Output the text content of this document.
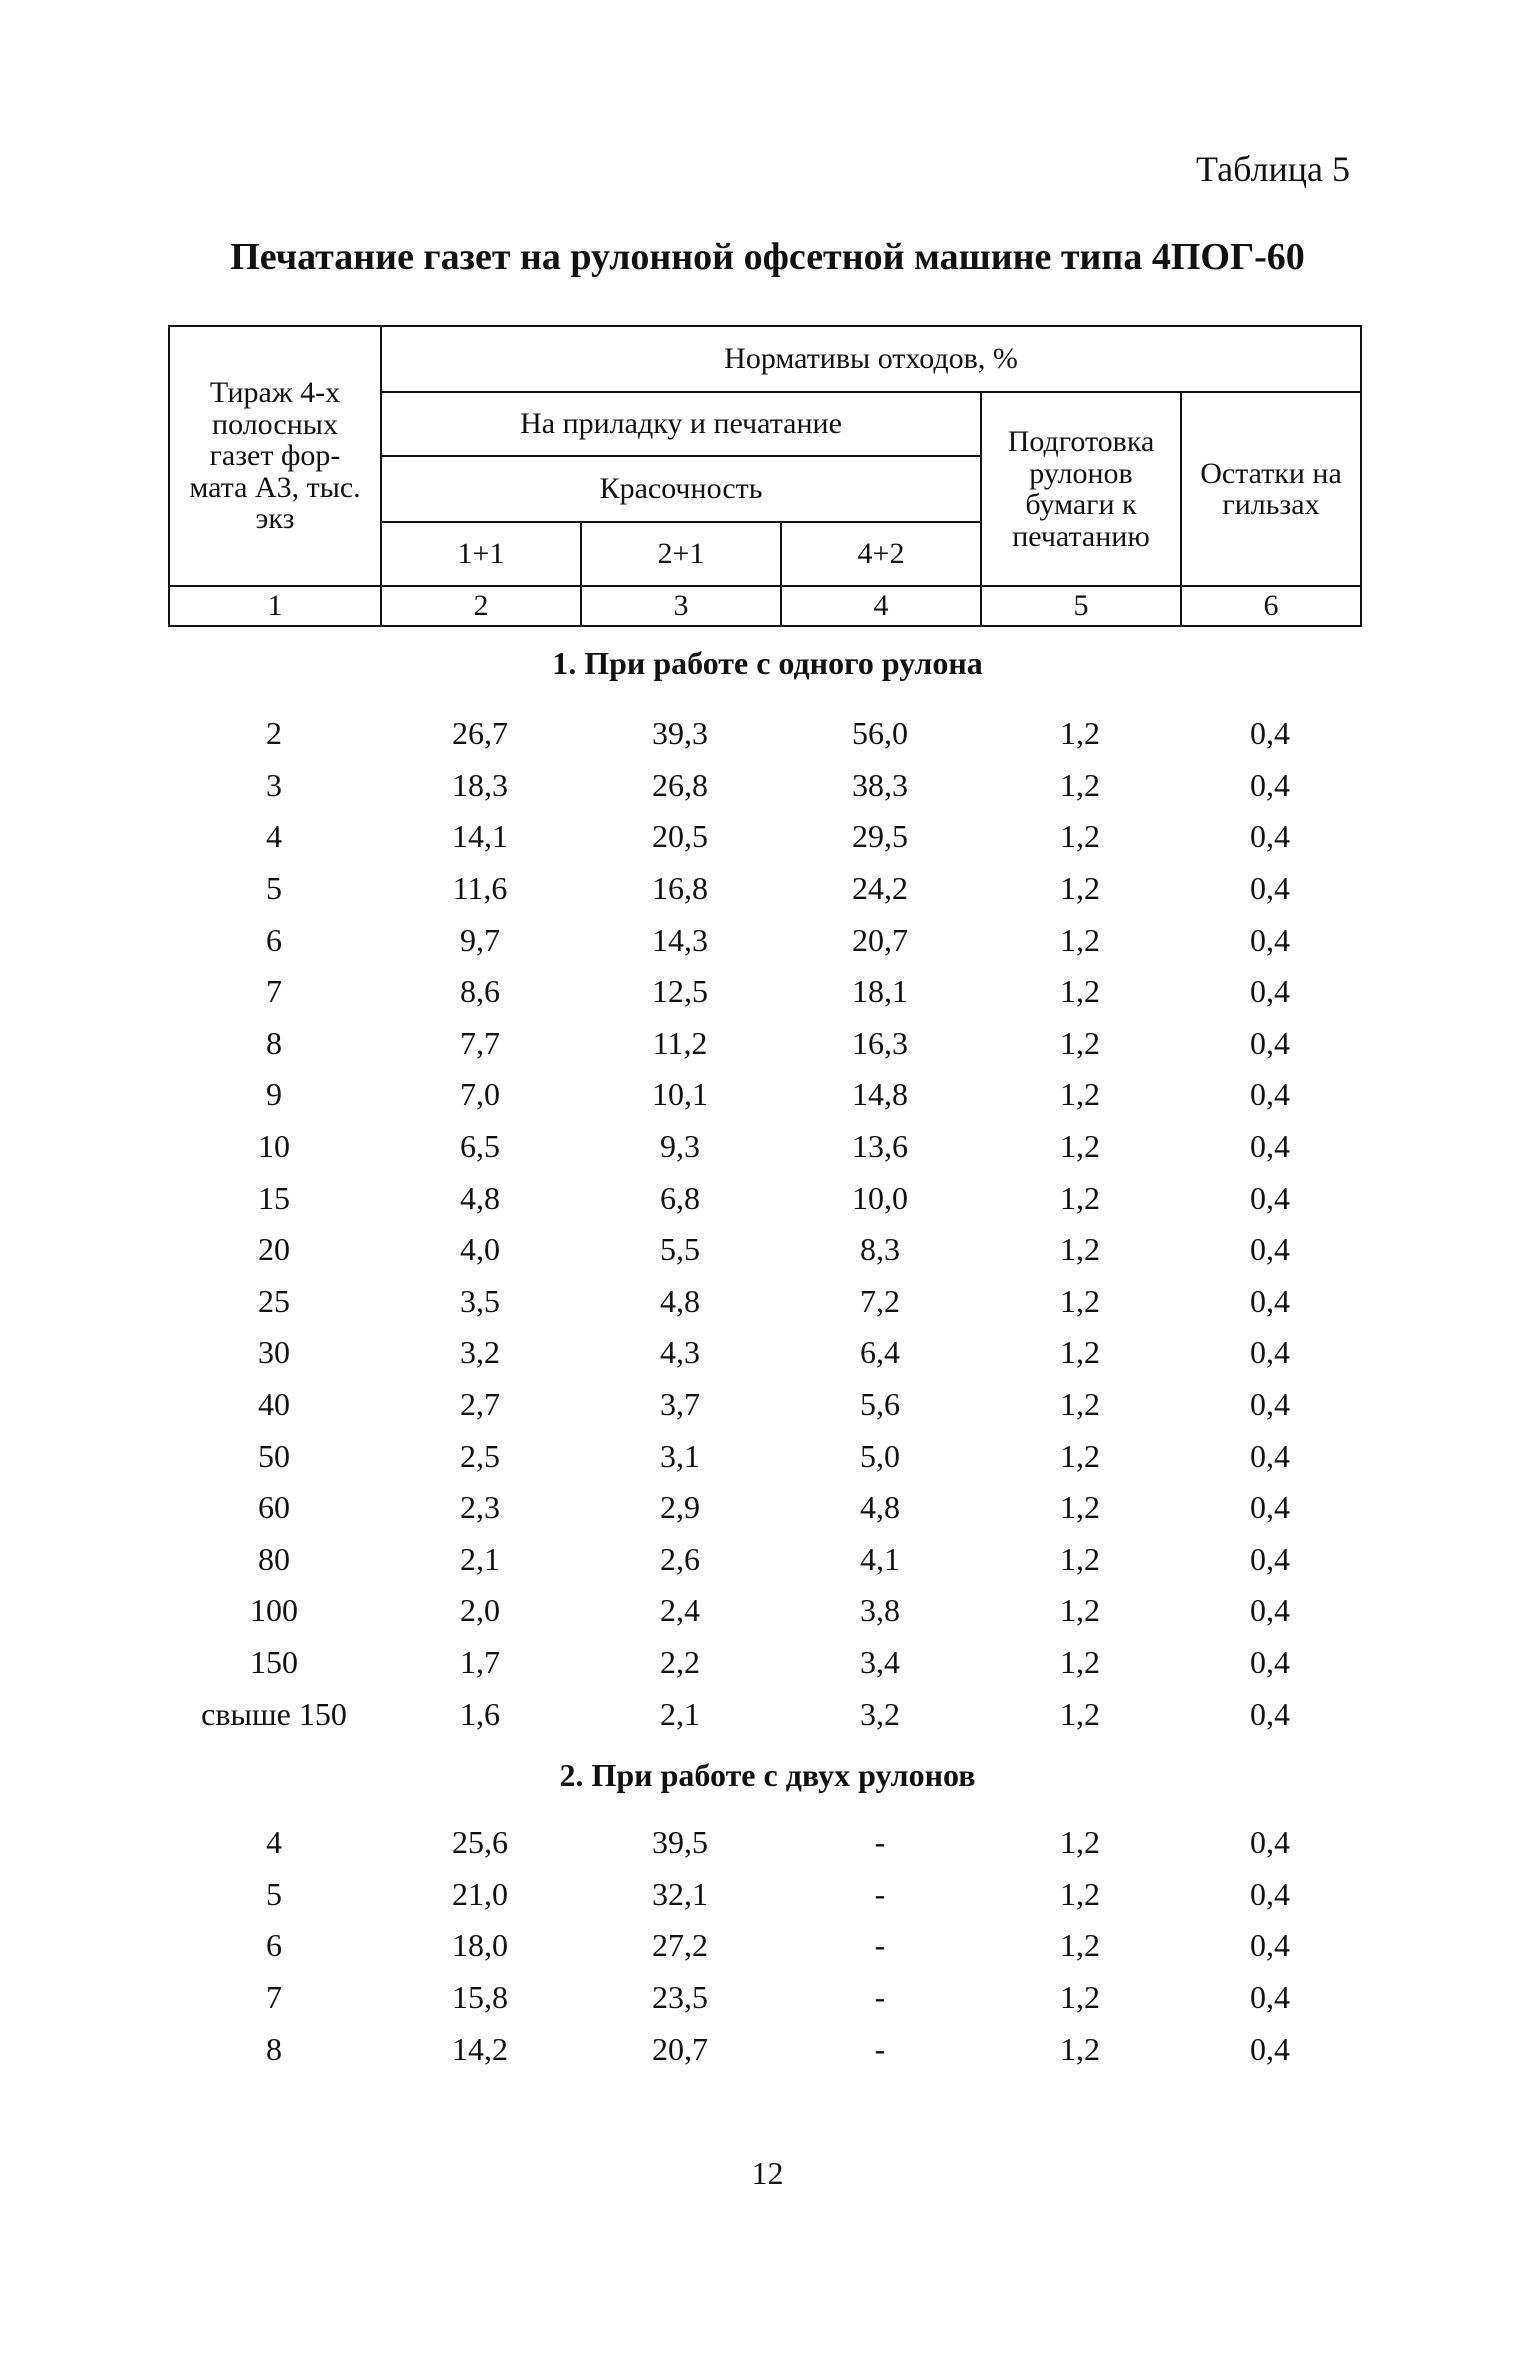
Таблица 5
Печатание газет на рулонной офсетной машине типа 4ПОГ-60
Тираж 4-х полосных газет фор-мата А3, тыс. экз	Нормативы отходов, %				
	На приладку и печатание			Подготовка рулонов бумаги к печатанию	Остатки на гильзах
	Красочность				
	1+1	2+1	4+2		
1	2	3	4	5	6
1. При работе с одного рулона
2	26,7	39,3	56,0	1,2	0,4
3	18,3	26,8	38,3	1,2	0,4
4	14,1	20,5	29,5	1,2	0,4
5	11,6	16,8	24,2	1,2	0,4
6	9,7	14,3	20,7	1,2	0,4
7	8,6	12,5	18,1	1,2	0,4
8	7,7	11,2	16,3	1,2	0,4
9	7,0	10,1	14,8	1,2	0,4
10	6,5	9,3	13,6	1,2	0,4
15	4,8	6,8	10,0	1,2	0,4
20	4,0	5,5	8,3	1,2	0,4
25	3,5	4,8	7,2	1,2	0,4
30	3,2	4,3	6,4	1,2	0,4
40	2,7	3,7	5,6	1,2	0,4
50	2,5	3,1	5,0	1,2	0,4
60	2,3	2,9	4,8	1,2	0,4
80	2,1	2,6	4,1	1,2	0,4
100	2,0	2,4	3,8	1,2	0,4
150	1,7	2,2	3,4	1,2	0,4
свыше 150	1,6	2,1	3,2	1,2	0,4
2. При работе с двух рулонов
4	25,6	39,5	-	1,2	0,4
5	21,0	32,1	-	1,2	0,4
6	18,0	27,2	-	1,2	0,4
7	15,8	23,5	-	1,2	0,4
8	14,2	20,7	-	1,2	0,4
12
